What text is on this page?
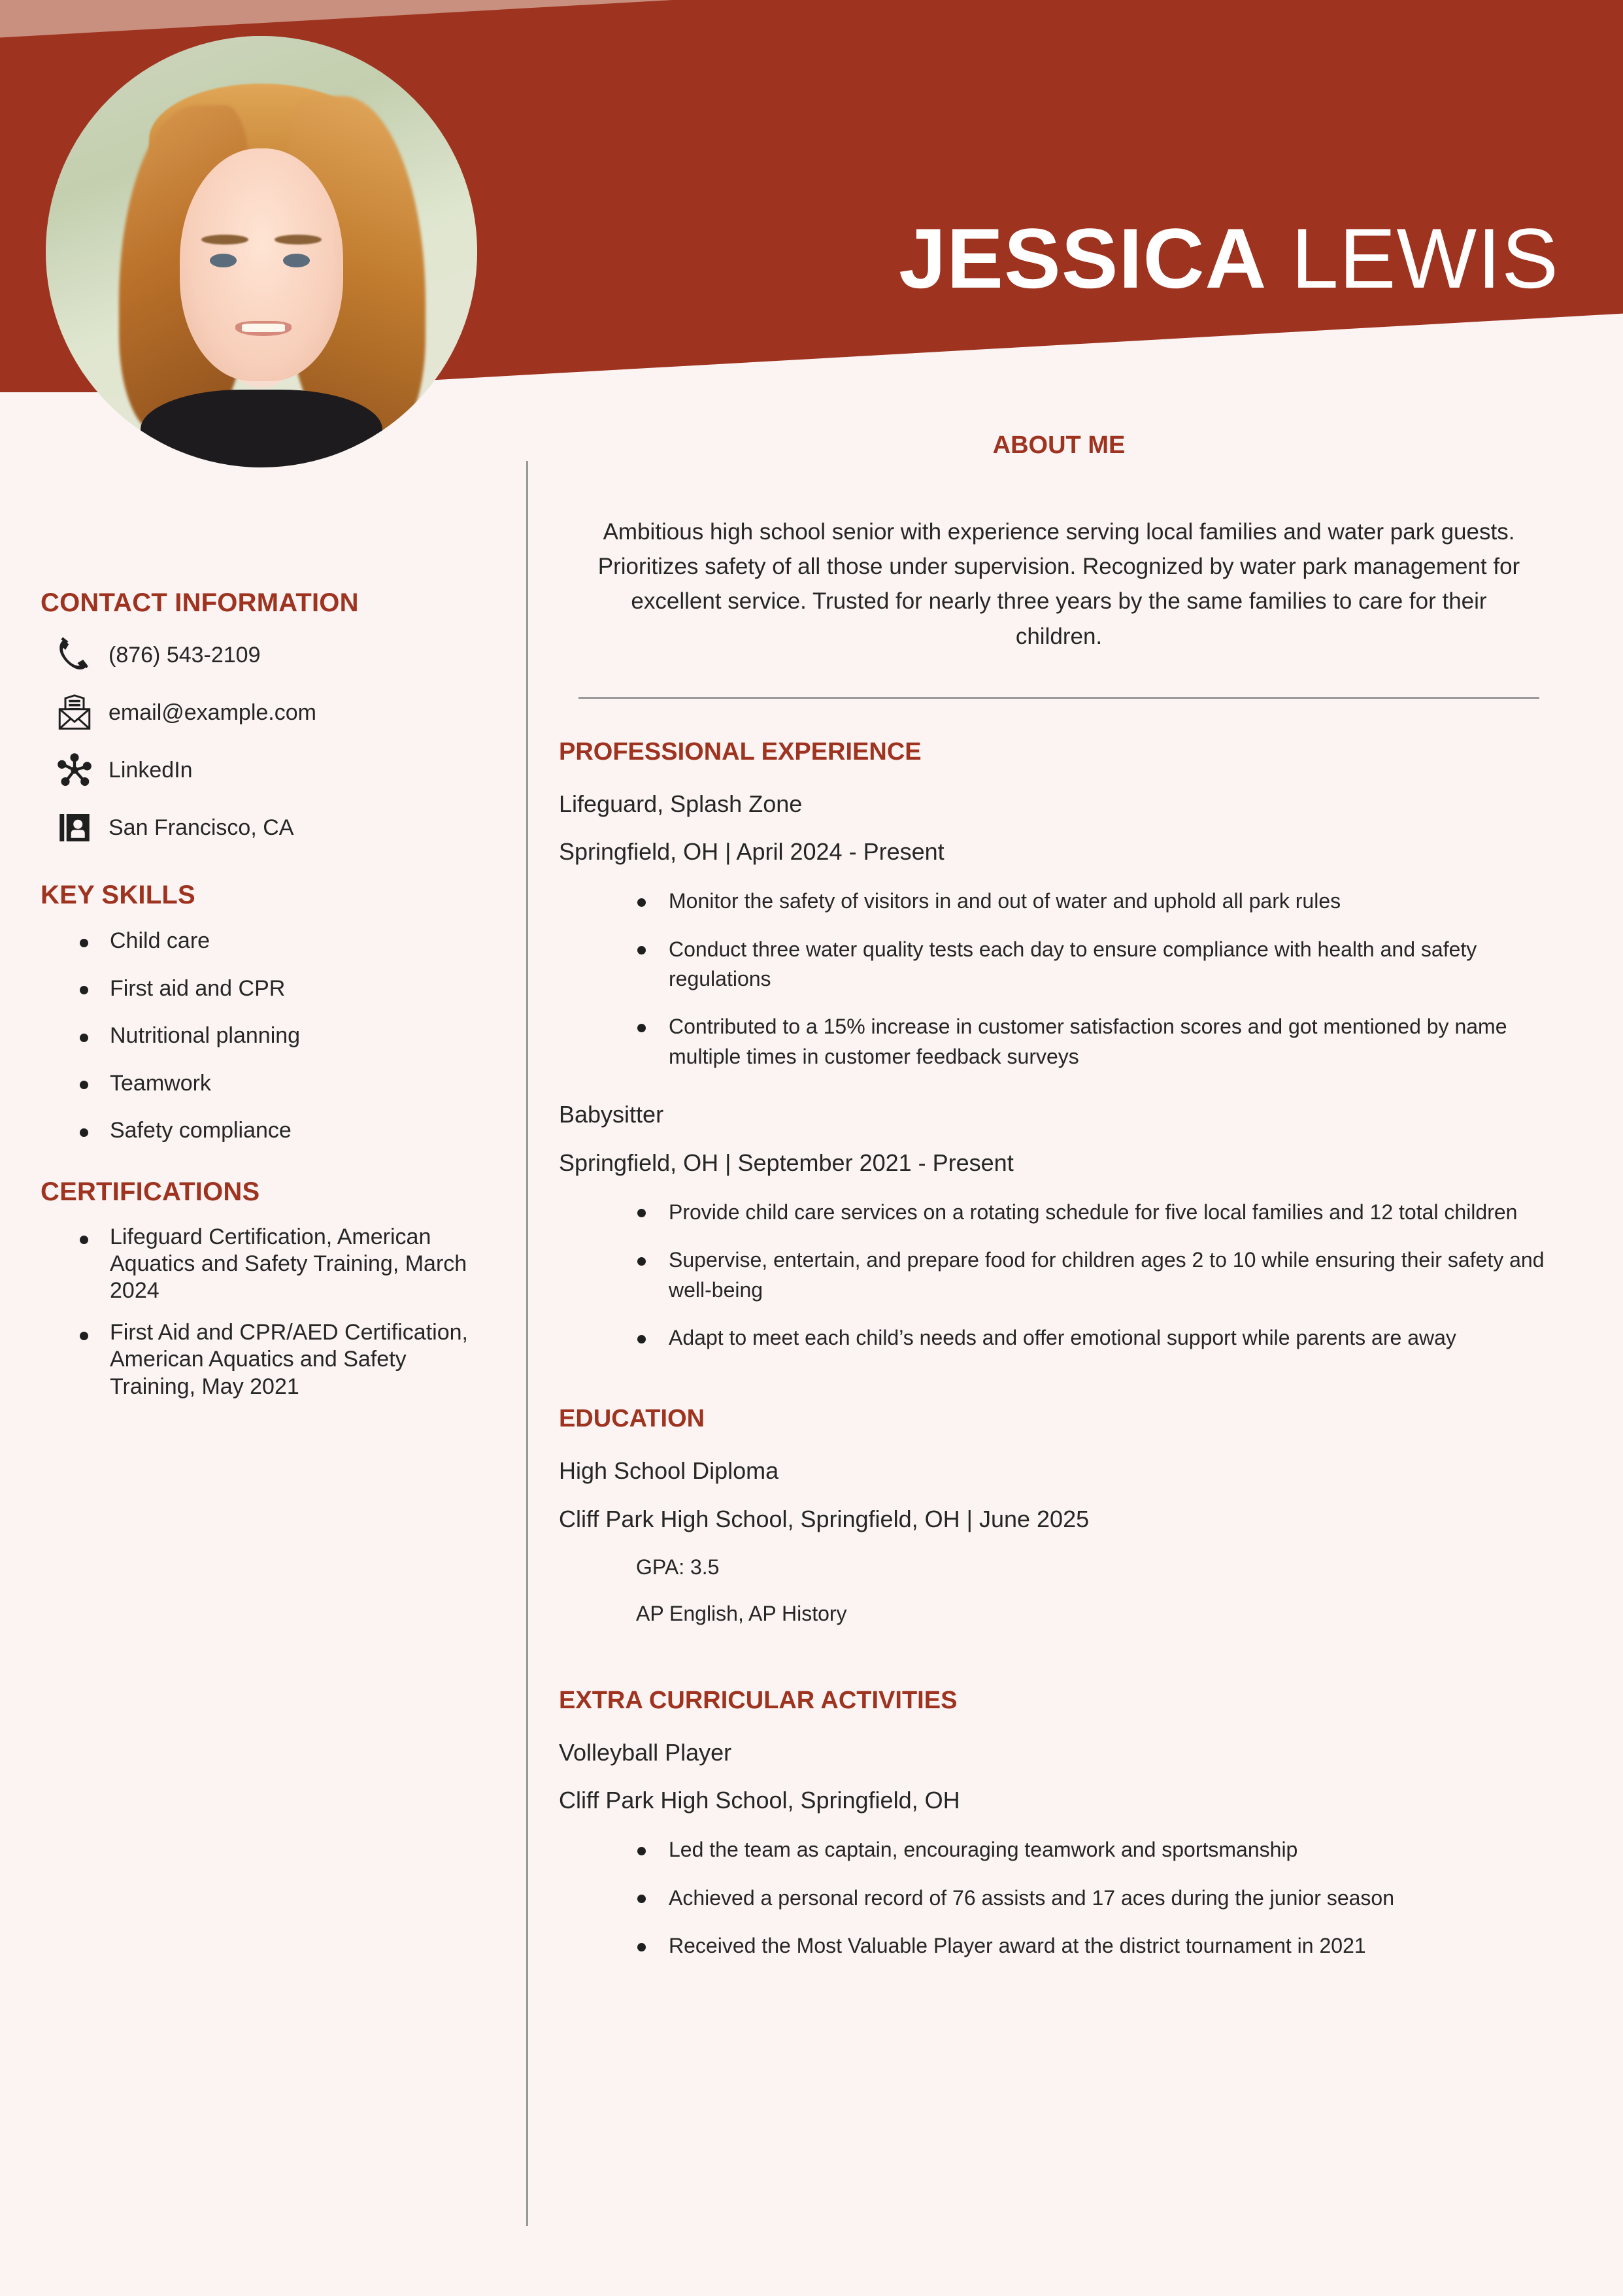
JESSICA LEWIS
CONTACT INFORMATION
(876) 543-2109
email@example.com
LinkedIn
San Francisco, CA
KEY SKILLS
Child care
First aid and CPR
Nutritional planning
Teamwork
Safety compliance
CERTIFICATIONS
Lifeguard Certification, American Aquatics and Safety Training, March 2024
First Aid and CPR/AED Certification, American Aquatics and Safety Training, May 2021
ABOUT ME

Ambitious high school senior with experience serving local families and water park guests. Prioritizes safety of all those under supervision. Recognized by water park management for excellent service. Trusted for nearly three years by the same families to care for their children.

PROFESSIONAL EXPERIENCE
Lifeguard, Splash Zone
Springfield, OH | April 2024 - Present
Monitor the safety of visitors in and out of water and uphold all park rules
Conduct three water quality tests each day to ensure compliance with health and safety regulations
Contributed to a 15% increase in customer satisfaction scores and got mentioned by name multiple times in customer feedback surveys
Babysitter
Springfield, OH | September 2021 - Present
Provide child care services on a rotating schedule for five local families and 12 total children
Supervise, entertain, and prepare food for children ages 2 to 10 while ensuring their safety and well-being
Adapt to meet each child’s needs and offer emotional support while parents are away
EDUCATION
High School Diploma
Cliff Park High School, Springfield, OH | June 2025
GPA: 3.5
AP English, AP History
EXTRA CURRICULAR ACTIVITIES
Volleyball Player
Cliff Park High School, Springfield, OH
Led the team as captain, encouraging teamwork and sportsmanship
Achieved a personal record of 76 assists and 17 aces during the junior season
Received the Most Valuable Player award at the district tournament in 2021
